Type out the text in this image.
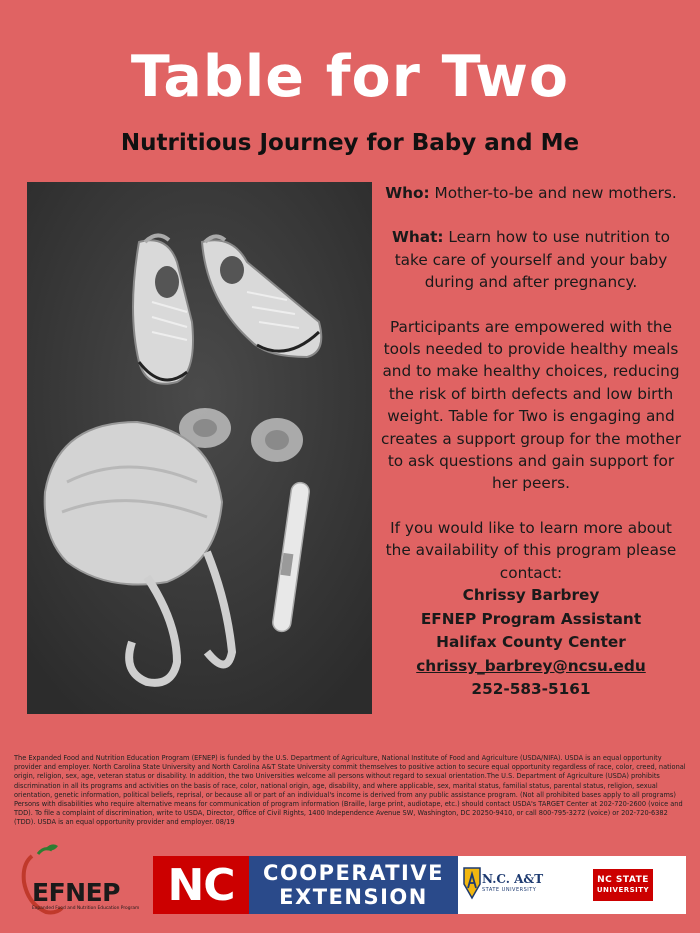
Table for Two
Nutritious Journey for Baby and Me

Who: Mother-to-be and new mothers.

What: Learn how to use nutrition to take care of yourself and your baby during and after pregnancy.

Participants are empowered with the tools needed to provide healthy meals and to make healthy choices, reducing the risk of birth defects and low birth weight. Table for Two is engaging and creates a support group for the mother to ask questions and gain support for her peers.

If you would like to learn more about the availability of this program please contact:
Chrissy Barbrey
EFNEP Program Assistant
Halifax County Center
chrissy_barbrey@ncsu.edu
252-583-5161
The Expanded Food and Nutrition Education Program (EFNEP) is funded by the U.S. Department of Agriculture, National Institute of Food and Agriculture (USDA/NIFA). USDA is an equal opportunity provider and employer. North Carolina State University and North Carolina A&T State University commit themselves to positive action to secure equal opportunity regardless of race, color, creed, national origin, religion, sex, age, veteran status or disability. In addition, the two Universities welcome all persons without regard to sexual orientation.The U.S. Department of Agriculture (USDA) prohibits discrimination in all its programs and activities on the basis of race, color, national origin, age, disability, and where applicable, sex, marital status, familial status, parental status, religion, sexual orientation, genetic information, political beliefs, reprisal, or because all or part of an individual's income is derived from any public assistance program. (Not all prohibited bases apply to all programs) Persons with disabilities who require alternative means for communication of program information (Braille, large print, audiotape, etc.) should contact USDA's TARGET Center at 202-720-2600 (voice and TDD). To file a complaint of discrimination, write to USDA, Director, Office of Civil Rights, 1400 Independence Avenue SW, Washington, DC 20250-9410, or call 800-795-3272 (voice) or 202-720-6382 (TDD). USDA is an equal opportunity provider and employer. 08/19
EFNEP
Expanded Food and Nutrition Education Program NC	COOPERATIVE
EXTENSION
N.C. A&T
STATE UNIVERSITY
NC STATE
UNIVERSITY
